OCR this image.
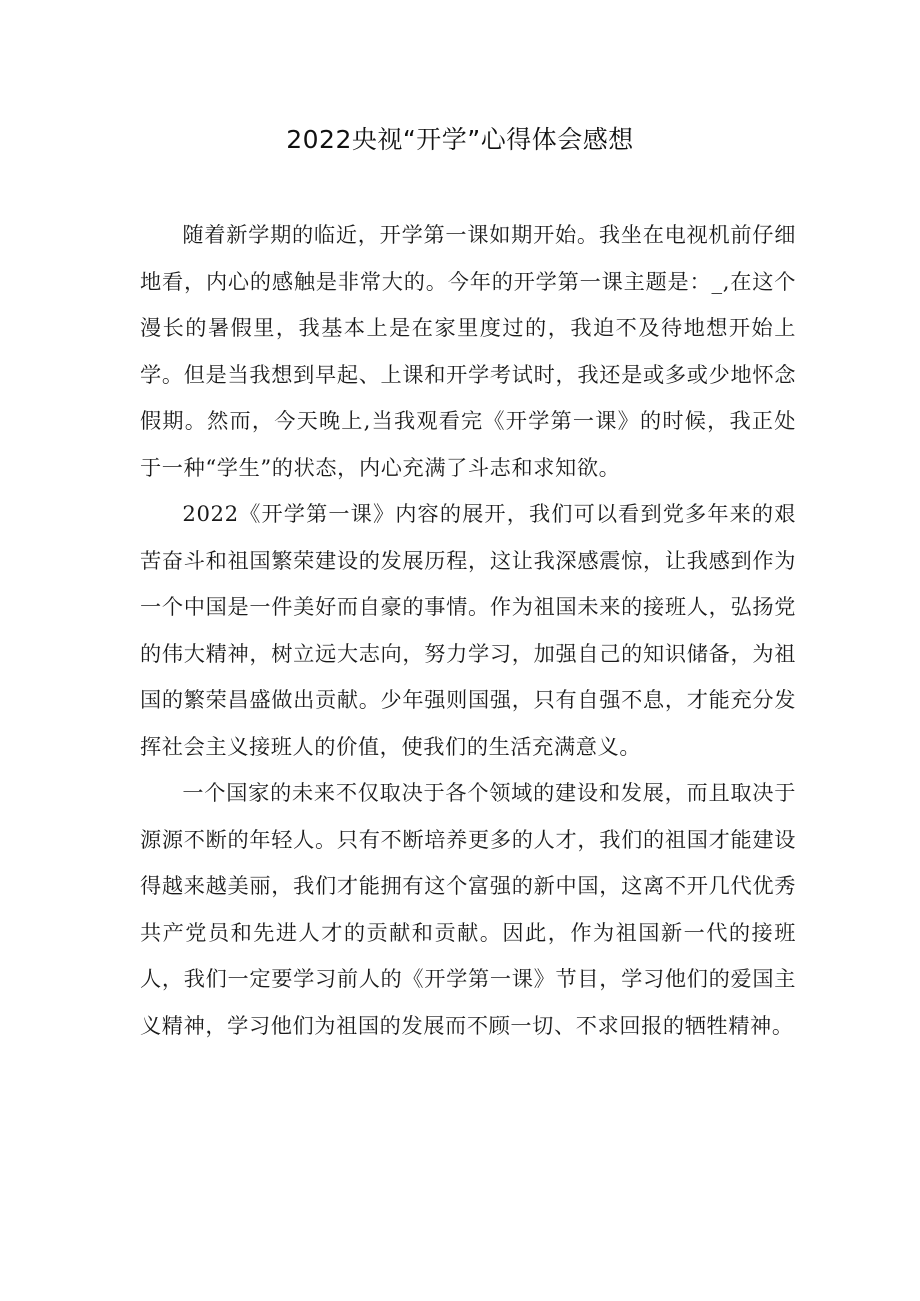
2022央视“开学”心得体会感想

随着新学期的临近，开学第一课如期开始。我坐在电视机前仔细地看，内心的感触是非常大的。今年的开学第一课主题是：_,在这个漫长的暑假里，我基本上是在家里度过的，我迫不及待地想开始上学。但是当我想到早起、上课和开学考试时，我还是或多或少地怀念假期。然而，今天晚上,当我观看完《开学第一课》的时候，我正处于一种“学生”的状态，内心充满了斗志和求知欲。

2022《开学第一课》内容的展开，我们可以看到党多年来的艰苦奋斗和祖国繁荣建设的发展历程，这让我深感震惊，让我感到作为一个中国是一件美好而自豪的事情。作为祖国未来的接班人，弘扬党的伟大精神，树立远大志向，努力学习，加强自己的知识储备，为祖国的繁荣昌盛做出贡献。少年强则国强，只有自强不息，才能充分发挥社会主义接班人的价值，使我们的生活充满意义。

一个国家的未来不仅取决于各个领域的建设和发展，而且取决于源源不断的年轻人。只有不断培养更多的人才，我们的祖国才能建设得越来越美丽，我们才能拥有这个富强的新中国，这离不开几代优秀共产党员和先进人才的贡献和贡献。因此，作为祖国新一代的接班人，我们一定要学习前人的《开学第一课》节目，学习他们的爱国主义精神，学习他们为祖国的发展而不顾一切、不求回报的牺牲精神。
